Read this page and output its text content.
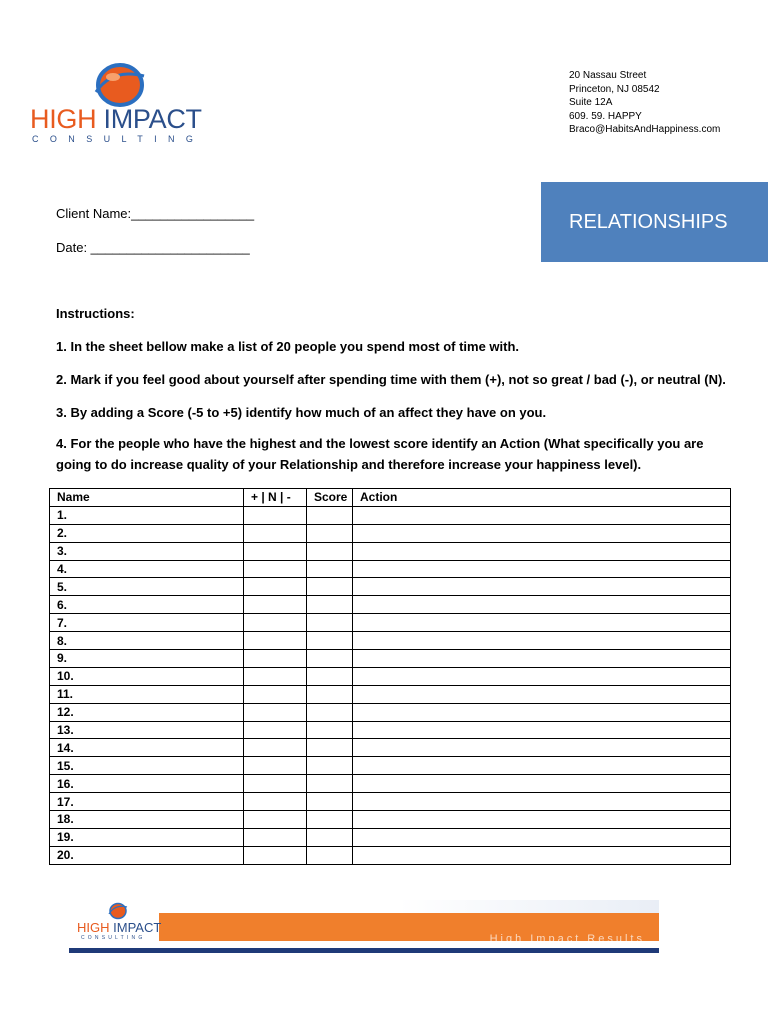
HIGH IMPACT
CONSULTING
20 Nassau Street
Princeton, NJ 08542
Suite 12A
609. 59. HAPPY
Braco@HabitsAndHappiness.com
RELATIONSHIPS
Client Name:_________________
Date: ______________________
Instructions:
1. In the sheet bellow make a list of 20 people you spend most of time with.
2. Mark if you feel good about yourself after spending time with them (+), not so great / bad (-), or neutral (N).
3. By adding a Score (-5 to +5) identify how much of an affect they have on you.
4. For the people who have the highest and the lowest score identify an Action (What specifically you are going to do increase quality of your Relationship and therefore increase your happiness level).
Name	+ | N | -	Score	Action
1.			
2.			
3.			
4.			
5.			
6.			
7.			
8.			
9.			
10.			
11.			
12.			
13.			
14.			
15.			
16.			
17.			
18.			
19.			
20.			
High Impact Results
HIGH IMPACT
CONSULTING
